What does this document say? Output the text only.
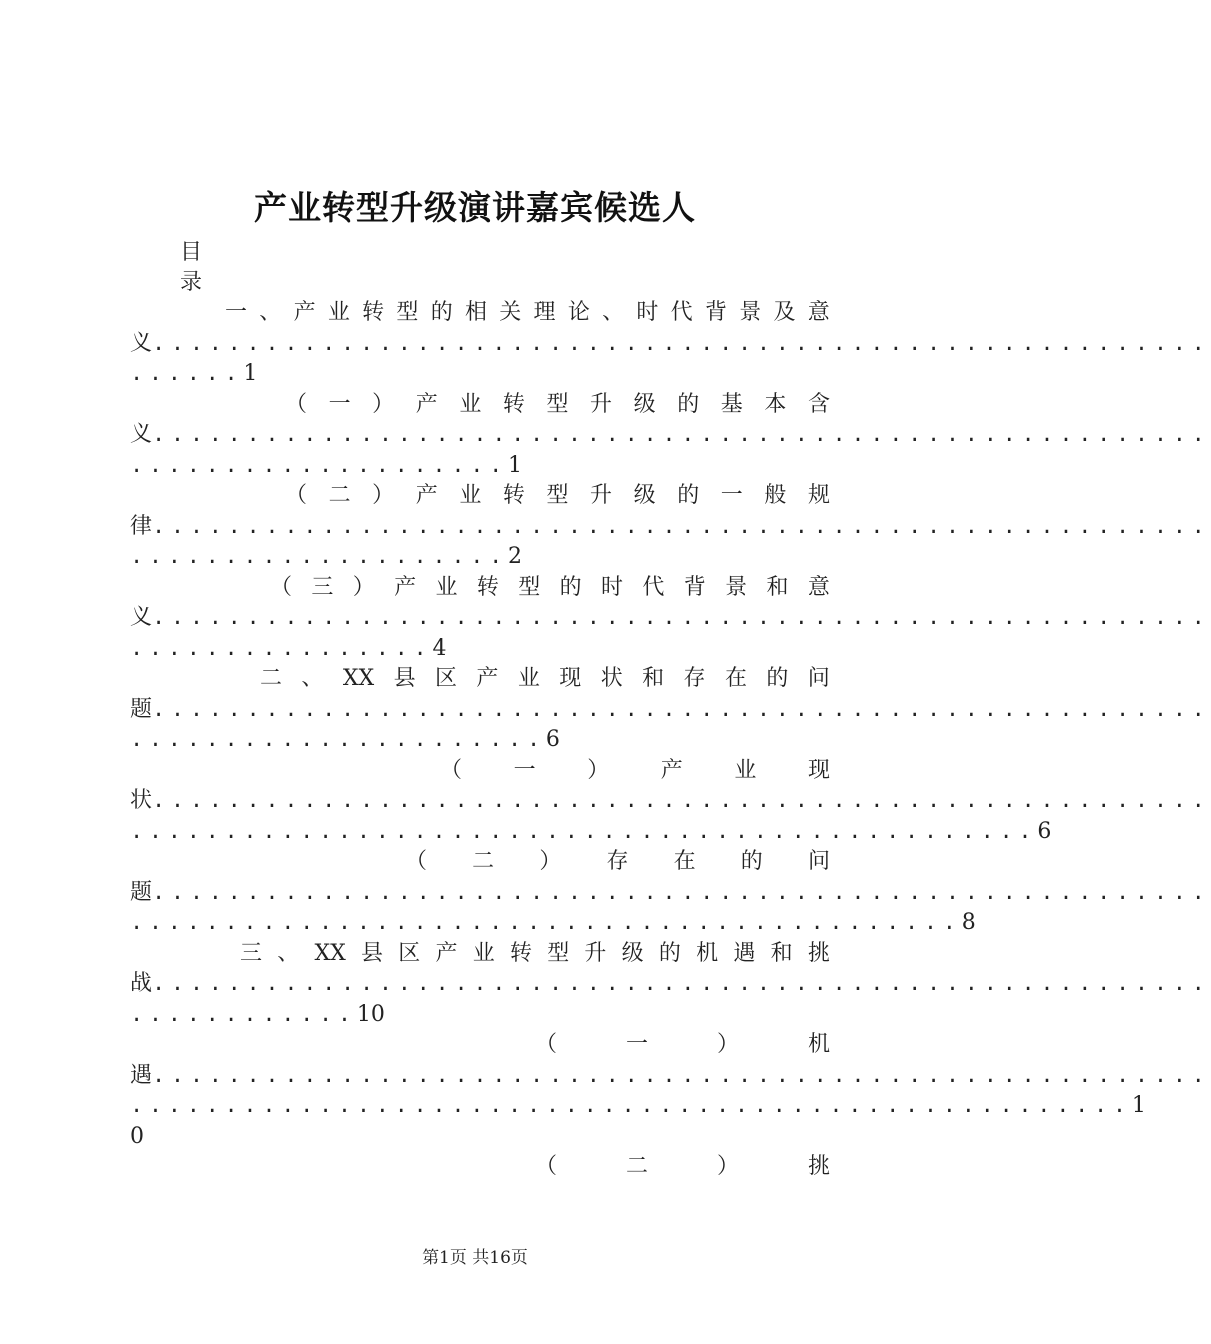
产业转型升级演讲嘉宾候选人
目
录
一 、 产 业 转 型 的 相 关 理 论 、 时 代 背 景 及 意
义........................................................
......1
（ 一 ） 产 业 转 型 升 级 的 基 本 含
义........................................................
....................1
（ 二 ） 产 业 转 型 升 级 的 一 般 规
律........................................................
....................2
（ 三 ） 产 业 转 型 的 时 代 背 景 和 意
义........................................................
................4
二 、 XX 县 区 产 业 现 状 和 存 在 的 问
题........................................................
......................6
（ 一 ） 产 业 现
状........................................................
................................................6
（ 二 ） 存 在 的 问
题........................................................
............................................8
三 、 XX 县 区 产 业 转 型 升 级 的 机 遇 和 挑
战........................................................
............10
（	一	）	机
遇........................................................
.....................................................1
0
（	二	）	挑
第1页 共16页
